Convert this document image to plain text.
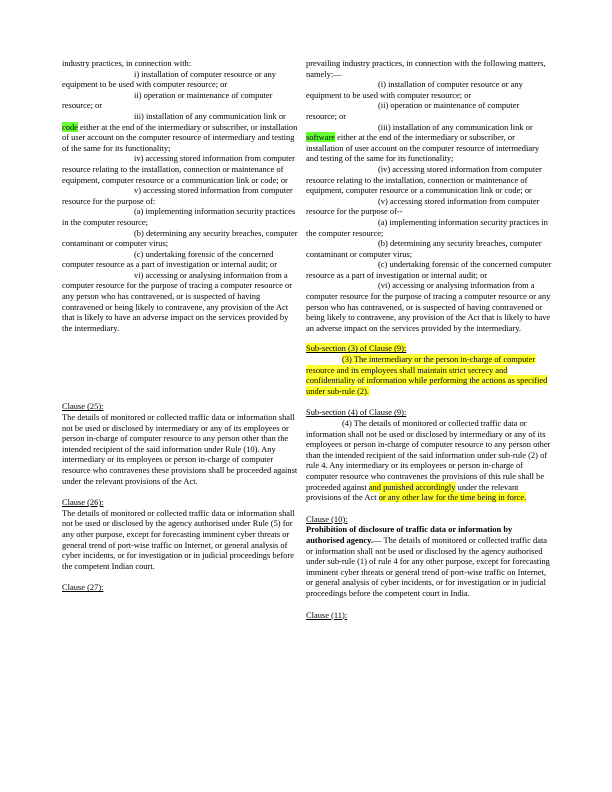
industry practices, in connection with:

i) installation of computer resource or any equipment to be used with computer resource; or

ii) operation or maintenance of computer resource; or

iii) installation of any communication link or code either at the end of the intermediary or subscriber, or installation of user account on the computer resource of intermediary and testing of the same for its functionality;

iv) accessing stored information from computer resource relating to the installation, connection or maintenance of equipment, computer resource or a communication link or code; or

v) accessing stored information from computer resource for the purpose of:

(a) implementing information security practices in the computer resource;

(b) determining any security breaches, computer contaminant or computer virus;

(c) undertaking forensic of the concerned computer resource as a part of investigation or internal audit; or

vi) accessing or analysing information from a computer resource for the purpose of tracing a computer resource or any person who has contravened, or is suspected of having contravened or being likely to contravene, any provision of the Act that is likely to have an adverse impact on the services provided by the intermediary.

Clause (25):

The details of monitored or collected traffic data or information shall not be used or disclosed by intermediary or any of its employees or person in-charge of computer resource to any person other than the intended recipient of the said information under Rule (10). Any intermediary or its employees or person in-charge of computer resource who contravenes these provisions shall be proceeded against under the relevant provisions of the Act.

Clause (26):

The details of monitored or collected traffic data or information shall not be used or disclosed by the agency authorised under Rule (5) for any other purpose, except for forecasting imminent cyber threats or general trend of port-wise traffic on Internet, or general analysis of cyber incidents, or for investigation or in judicial proceedings before the competent Indian court.

Clause (27):

prevailing industry practices, in connection with the following matters, namely:—

(i) installation of computer resource or any equipment to be used with computer resource; or

(ii) operation or maintenance of computer resource; or

(iii) installation of any communication link or software either at the end of the intermediary or subscriber, or installation of user account on the computer resource of intermediary and testing of the same for its functionality;

(iv) accessing stored information from computer resource relating to the installation, connection or maintenance of equipment, computer resource or a communication link or code; or

(v) accessing stored information from computer resource for the purpose of--

(a) implementing information security practices in the computer resource;

(b) determining any security breaches, computer contaminant or computer virus;

(c) undertaking forensic of the concerned computer resource as a part of investigation or internal audit; or

(vi) accessing or analysing information from a computer resource for the purpose of tracing a computer resource or any person who has contravened, or is suspected of having contravened or being likely to contravene, any provision of the Act that is likely to have an adverse impact on the services provided by the intermediary.

Sub-section (3) of Clause (9):

(3) The intermediary or the person in-charge of computer resource and its employees shall maintain strict secrecy and confidentiality of information while performing the actions as specified under sub-rule (2).

Sub-section (4) of Clause (9):

(4) The details of monitored or collected traffic data or information shall not be used or disclosed by intermediary or any of its employees or person in-charge of computer resource to any person other than the intended recipient of the said information under sub-rule (2) of rule 4. Any intermediary or its employees or person in-charge of computer resource who contravenes the provisions of this rule shall be proceeded against and punished accordingly under the relevant provisions of the Act or any other law for the time being in force.

Clause (10):

Prohibition of disclosure of traffic data or information by authorised agency.— The details of monitored or collected traffic data or information shall not be used or disclosed by the agency authorised under sub-rule (1) of rule 4 for any other purpose, except for forecasting imminent cyber threats or general trend of port-wise traffic on Internet, or general analysis of cyber incidents, or for investigation or in judicial proceedings before the competent court in India.

Clause (11):
